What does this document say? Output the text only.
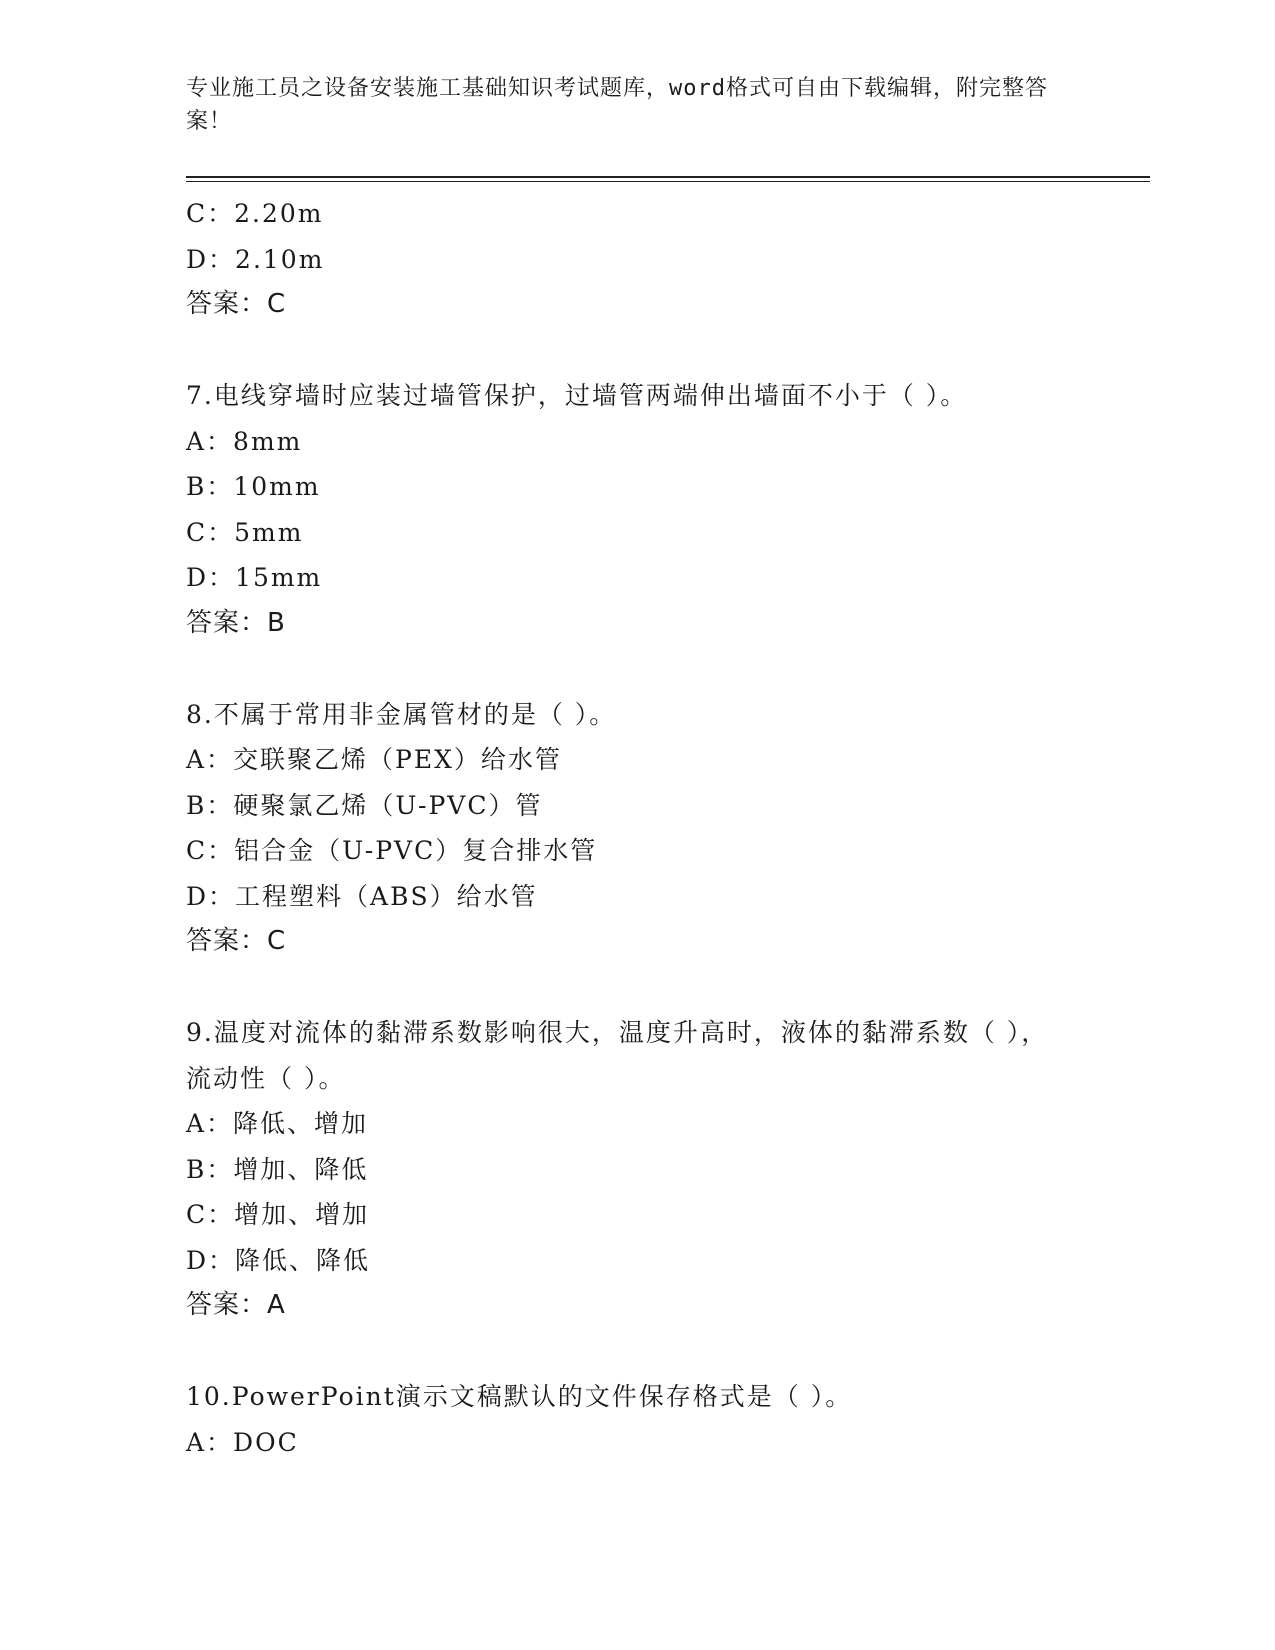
专业施工员之设备安装施工基础知识考试题库，word格式可自由下载编辑，附完整答案！
C：2.20m
D：2.10m
答案：C
7.电线穿墙时应装过墙管保护，过墙管两端伸出墙面不小于（ ）。
A：8mm
B：10mm
C：5mm
D：15mm
答案：B
8.不属于常用非金属管材的是（ ）。
A：交联聚乙烯（PEX）给水管
B：硬聚氯乙烯（U-PVC）管
C：铝合金（U-PVC）复合排水管
D：工程塑料（ABS）给水管
答案：C
9.温度对流体的黏滞系数影响很大，温度升高时，液体的黏滞系数（ ），流动性（ ）。
A：降低、增加
B：增加、降低
C：增加、增加
D：降低、降低
答案：A
10.PowerPoint演示文稿默认的文件保存格式是（ ）。
A：DOC
